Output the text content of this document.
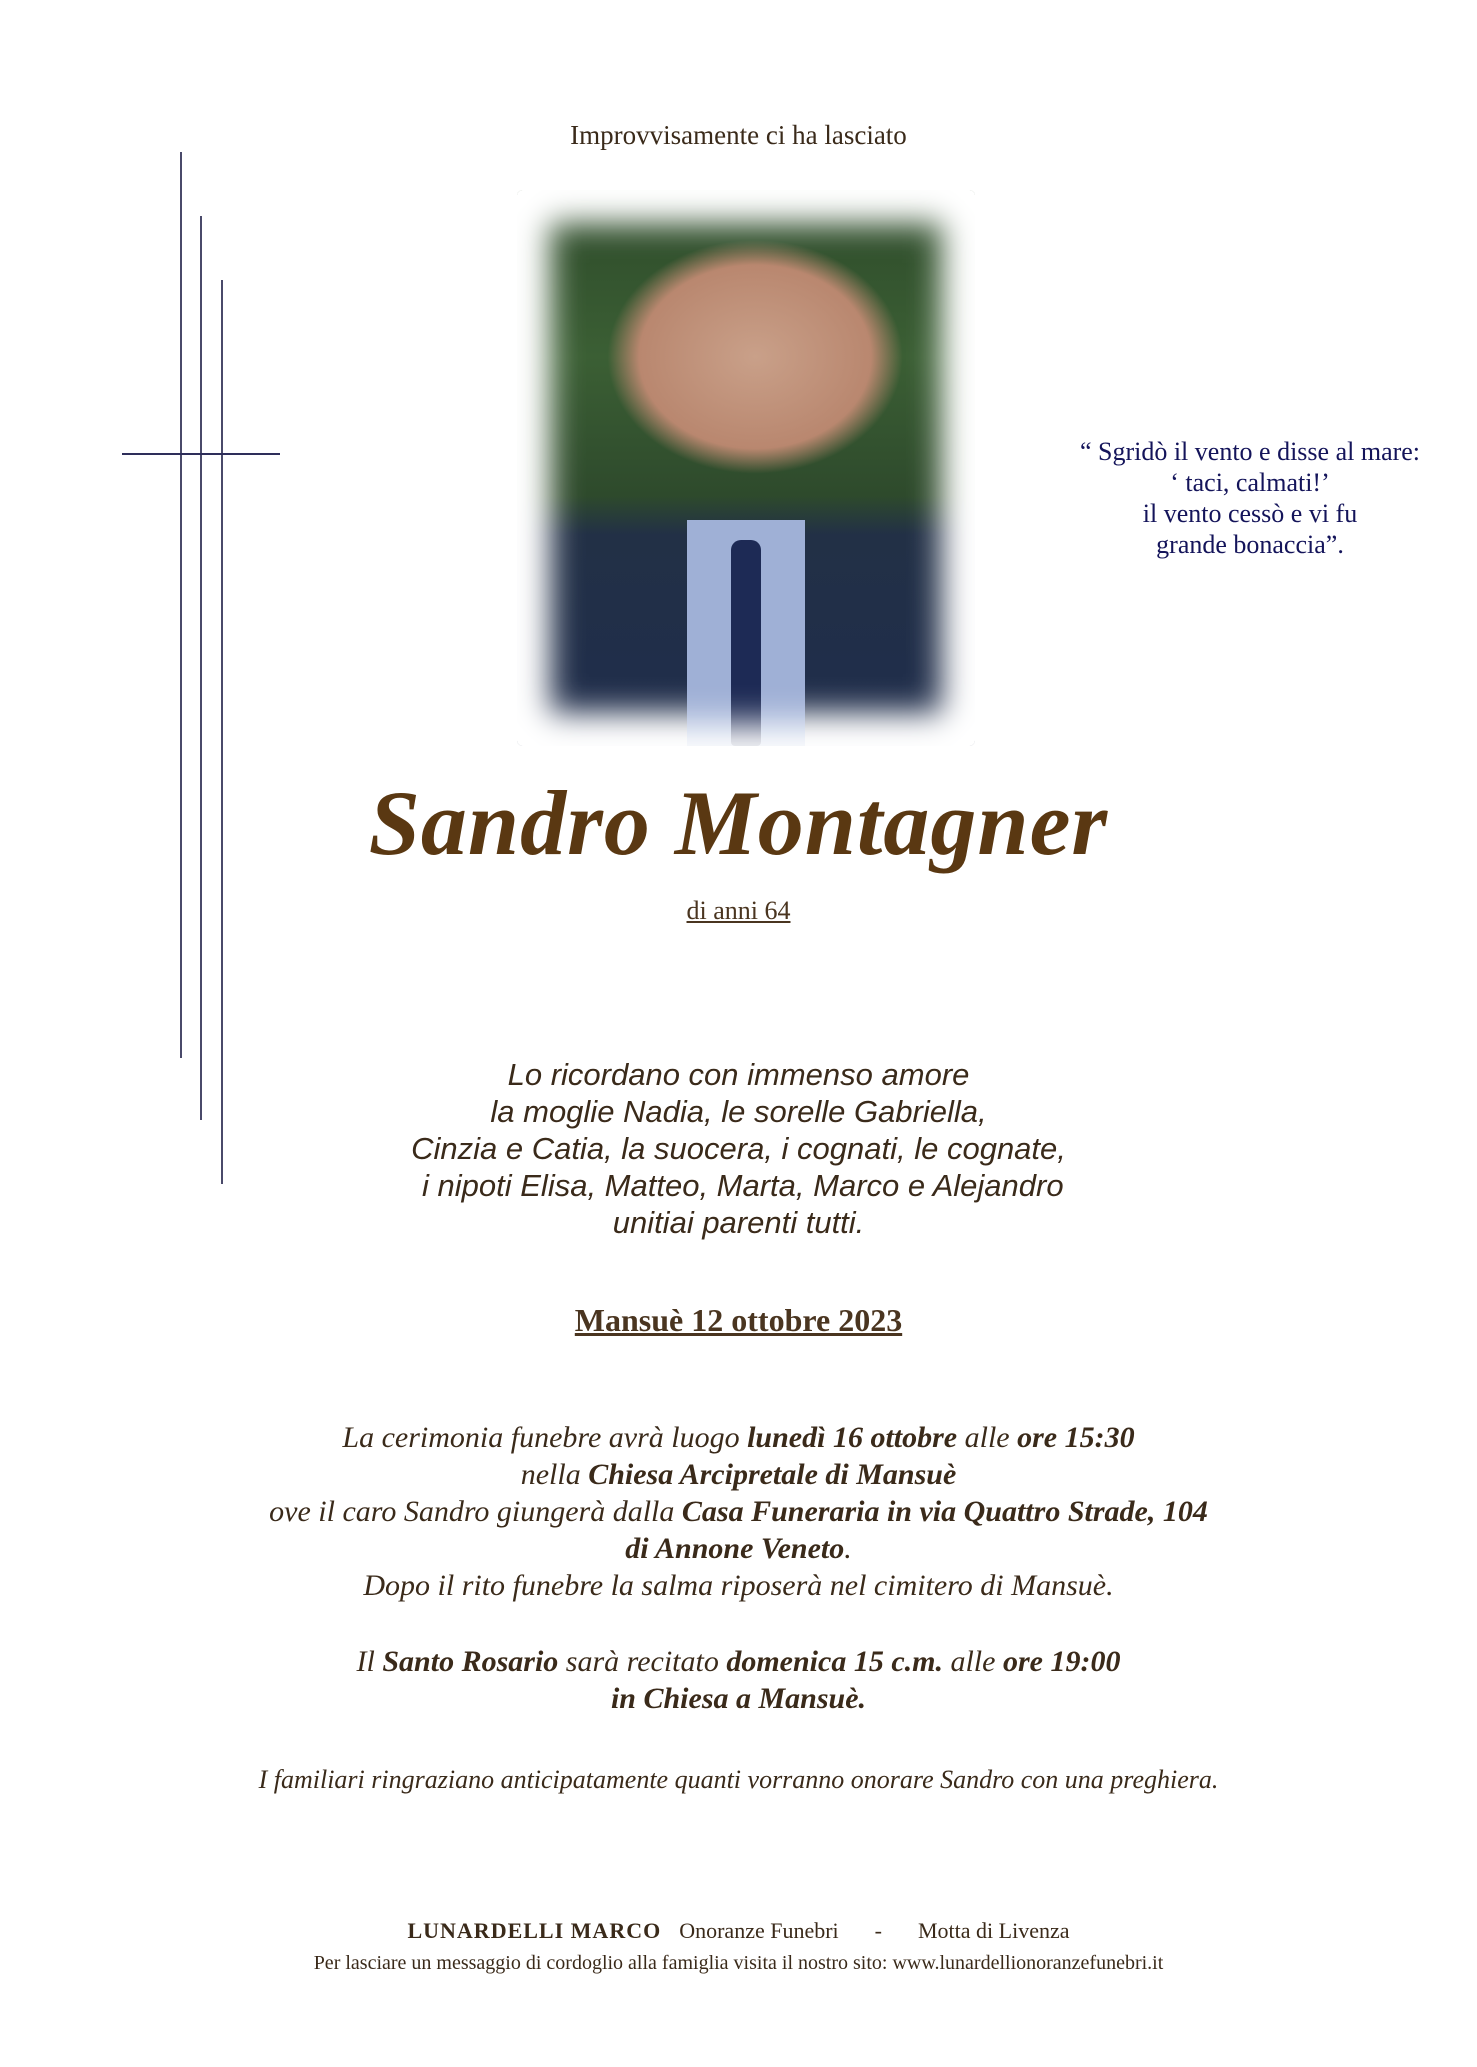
Improvvisamente ci ha lasciato
“ Sgridò il vento e disse al mare:
‘ taci, calmati!’
il vento cessò e vi fu
grande bonaccia”.
Sandro Montagner
di anni 64
Lo ricordano con immenso amore
la moglie Nadia, le sorelle Gabriella,
Cinzia e Catia, la suocera, i cognati, le cognate,
i nipoti Elisa, Matteo, Marta, Marco e Alejandro
unitiai parenti tutti.
Mansuè 12 ottobre 2023
La cerimonia funebre avrà luogo lunedì 16 ottobre alle ore 15:30
nella Chiesa Arcipretale di Mansuè
ove il caro Sandro giungerà dalla Casa Funeraria in via Quattro Strade, 104
di Annone Veneto.
Dopo il rito funebre la salma riposerà nel cimitero di Mansuè.
Il Santo Rosario sarà recitato domenica 15 c.m. alle ore 19:00
in Chiesa a Mansuè.
I familiari ringraziano anticipatamente quanti vorranno onorare Sandro con una preghiera.
LUNARDELLI MARCO Onoranze Funebri - Motta di Livenza
Per lasciare un messaggio di cordoglio alla famiglia visita il nostro sito: www.lunardellionoranzefunebri.it
